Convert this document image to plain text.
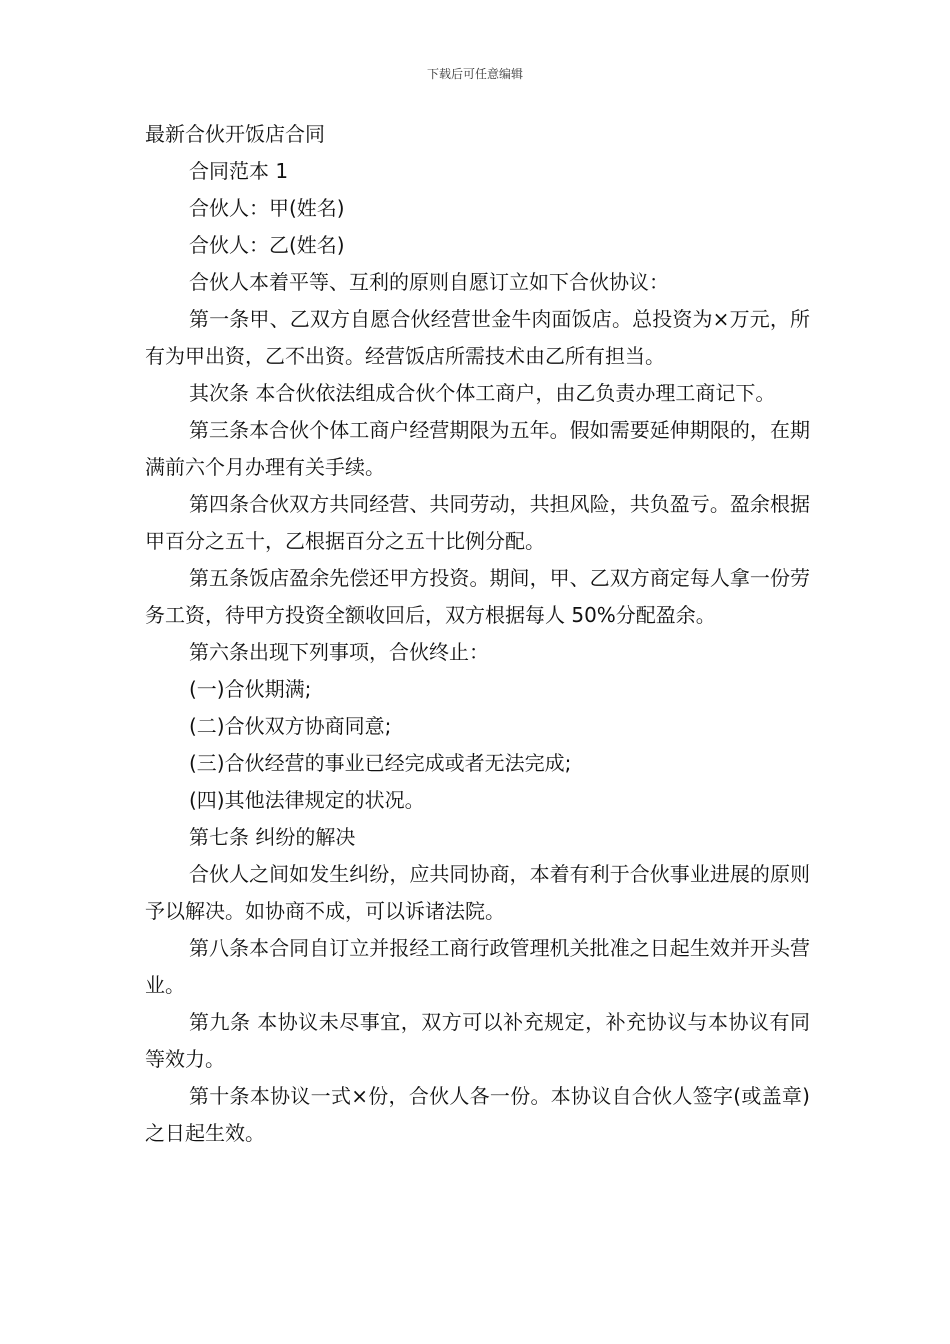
下载后可任意编辑

最新合伙开饭店合同

合同范本 1

合伙人：甲(姓名)

合伙人：乙(姓名)

合伙人本着平等、互利的原则自愿订立如下合伙协议：

第一条甲、乙双方自愿合伙经营世金牛肉面饭店。总投资为×万元，所有为甲出资，乙不出资。经营饭店所需技术由乙所有担当。

其次条 本合伙依法组成合伙个体工商户，由乙负责办理工商记下。

第三条本合伙个体工商户经营期限为五年。假如需要延伸期限的，在期满前六个月办理有关手续。

第四条合伙双方共同经营、共同劳动，共担风险，共负盈亏。盈余根据甲百分之五十，乙根据百分之五十比例分配。

第五条饭店盈余先偿还甲方投资。期间，甲、乙双方商定每人拿一份劳务工资，待甲方投资全额收回后，双方根据每人 50%分配盈余。

第六条出现下列事项，合伙终止：

(一)合伙期满;

(二)合伙双方协商同意;

(三)合伙经营的事业已经完成或者无法完成;

(四)其他法律规定的状况。

第七条 纠纷的解决

合伙人之间如发生纠纷，应共同协商，本着有利于合伙事业进展的原则予以解决。如协商不成，可以诉诸法院。

第八条本合同自订立并报经工商行政管理机关批准之日起生效并开头营业。

第九条 本协议未尽事宜，双方可以补充规定，补充协议与本协议有同等效力。

第十条本协议一式×份，合伙人各一份。本协议自合伙人签字(或盖章)之日起生效。
